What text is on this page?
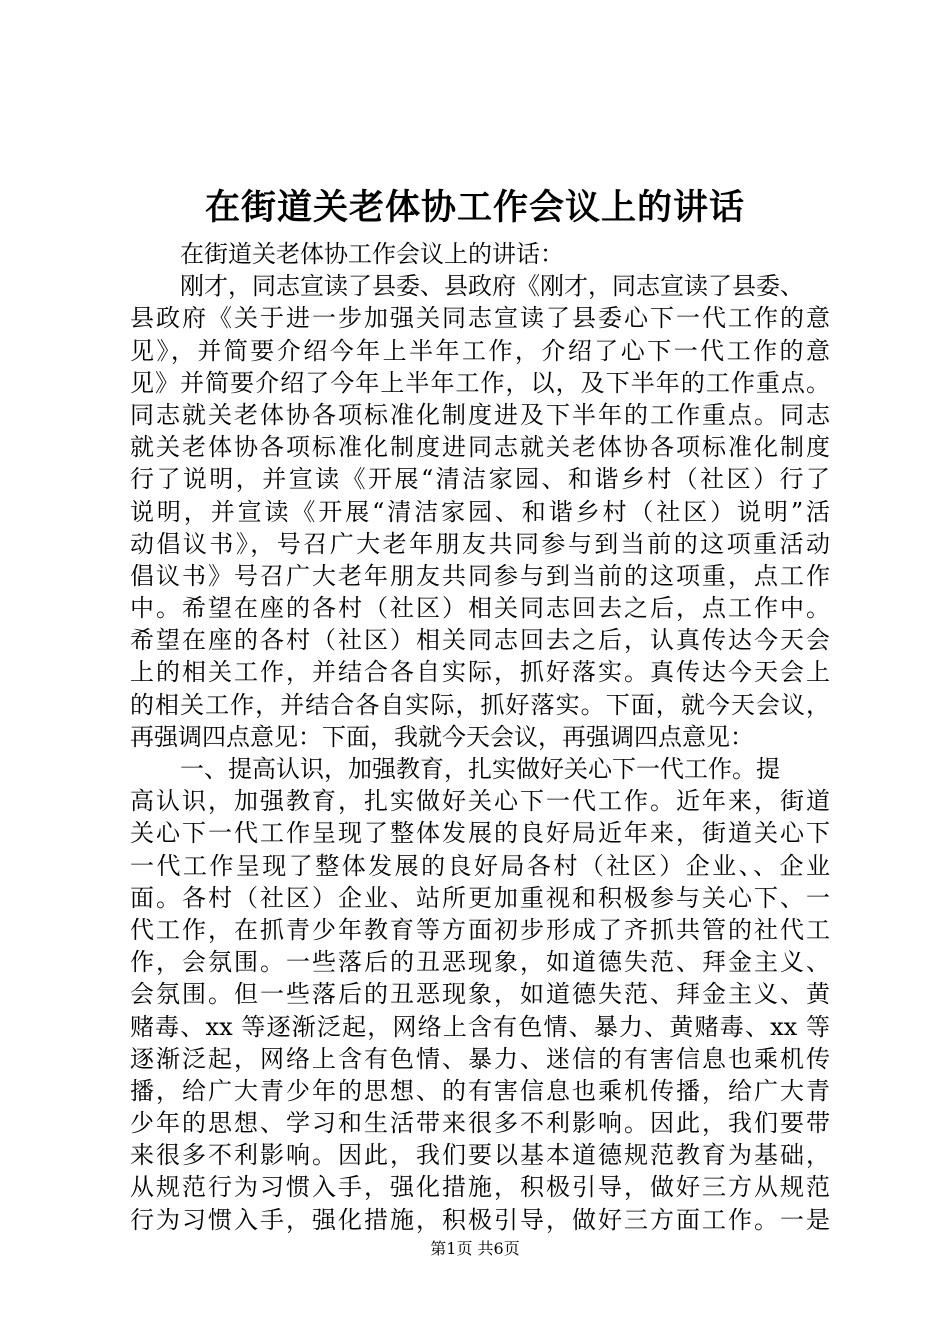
在街道关老体协工作会议上的讲话
在街道关老体协工作会议上的讲话：
刚才，同志宣读了县委、县政府《刚才，同志宣读了县委、
县政府《关于进一步加强关同志宣读了县委心下一代工作的意
见》，并简要介绍今年上半年工作，介绍了心下一代工作的意
见》并简要介绍了今年上半年工作，以，及下半年的工作重点。
同志就关老体协各项标准化制度进及下半年的工作重点。同志
就关老体协各项标准化制度进同志就关老体协各项标准化制度
行了说明，并宣读《开展“清洁家园、和谐乡村（社区）行了
说明，并宣读《开展“清洁家园、和谐乡村（社区）说明”活
动倡议书》，号召广大老年朋友共同参与到当前的这项重活动
倡议书》号召广大老年朋友共同参与到当前的这项重，点工作
中。希望在座的各村（社区）相关同志回去之后，点工作中。
希望在座的各村（社区）相关同志回去之后，认真传达今天会
上的相关工作，并结合各自实际，抓好落实。真传达今天会上
的相关工作，并结合各自实际，抓好落实。下面，就今天会议，
再强调四点意见：下面，我就今天会议，再强调四点意见：
一、提高认识，加强教育，扎实做好关心下一代工作。提
高认识，加强教育，扎实做好关心下一代工作。近年来，街道
关心下一代工作呈现了整体发展的良好局近年来，街道关心下
一代工作呈现了整体发展的良好局各村（社区）企业、、企业
面。各村（社区）企业、站所更加重视和积极参与关心下、一
代工作，在抓青少年教育等方面初步形成了齐抓共管的社代工
作，会氛围。一些落后的丑恶现象，如道德失范、拜金主义、
会氛围。但一些落后的丑恶现象，如道德失范、拜金主义、黄
赌毒、xx 等逐渐泛起，网络上含有色情、暴力、黄赌毒、xx 等
逐渐泛起，网络上含有色情、暴力、迷信的有害信息也乘机传
播，给广大青少年的思想、的有害信息也乘机传播，给广大青
少年的思想、学习和生活带来很多不利影响。因此，我们要带
来很多不利影响。因此，我们要以基本道德规范教育为基础，
从规范行为习惯入手，强化措施，积极引导，做好三方从规范
行为习惯入手，强化措施，积极引导，做好三方面工作。一是
第1页 共6页
